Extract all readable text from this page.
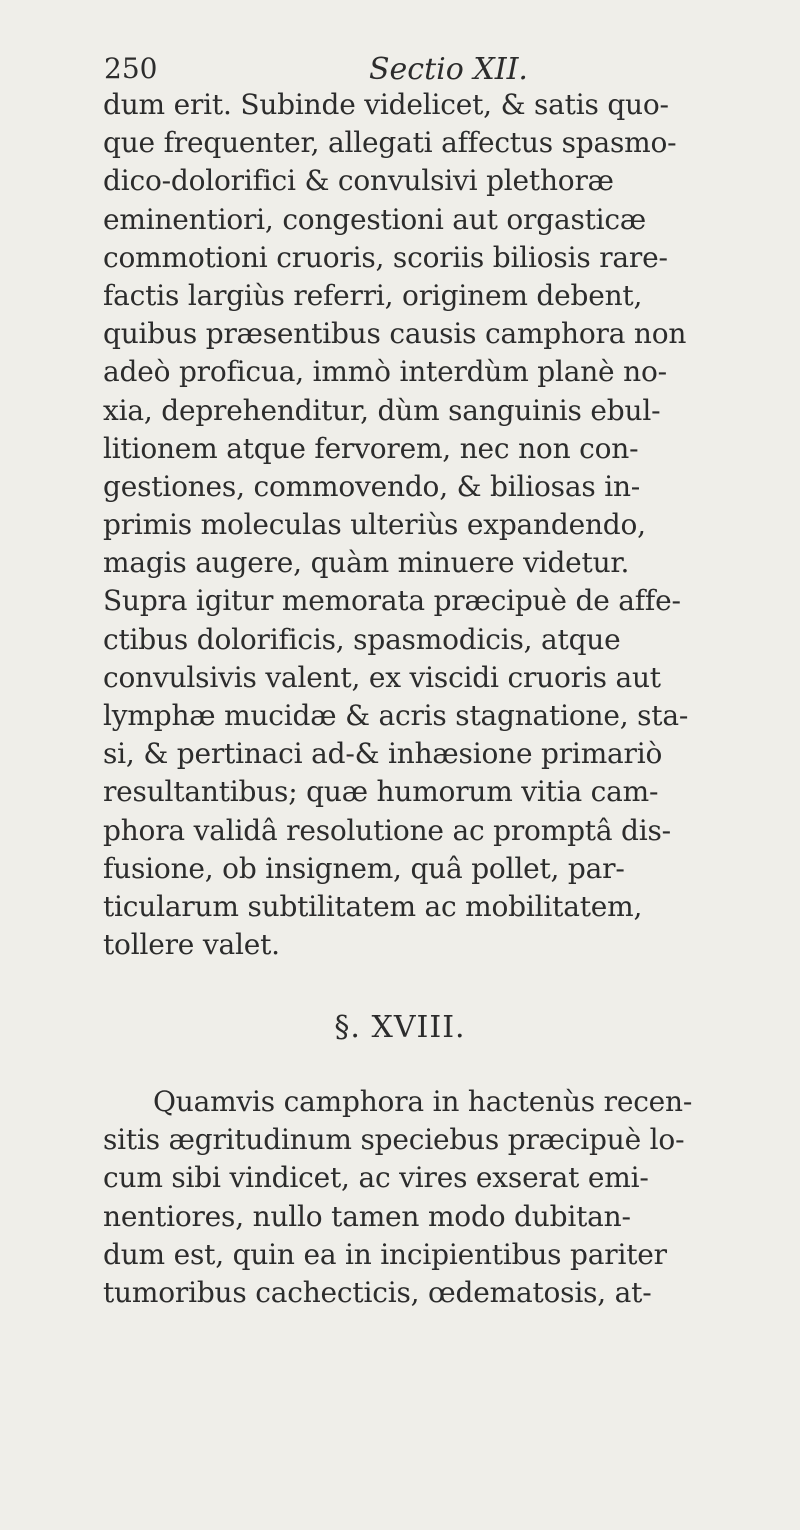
250	Sectio XII.
dum erit. Subinde videlicet, & satis quo-
que frequenter, allegati affectus spasmo-
dico-dolorifici & convulsivi plethoræ
eminentiori, congestioni aut orgasticæ
commotioni cruoris, scoriis biliosis rare-
factis largiùs referri, originem debent,
quibus præsentibus causis camphora non
adeò proficua, immò interdùm planè no-
xia, deprehenditur, dùm sanguinis ebul-
litionem atque fervorem, nec non con-
gestiones, commovendo, & biliosas in-
primis moleculas ulteriùs expandendo,
magis augere, quàm minuere videtur.
Supra igitur memorata præcipuè de affe-
ctibus dolorificis, spasmodicis, atque
convulsivis valent, ex viscidi cruoris aut
lymphæ mucidæ & acris stagnatione, sta-
si, & pertinaci ad-& inhæsione primariò
resultantibus; quæ humorum vitia cam-
phora validâ resolutione ac promptâ dis-
fusione, ob insignem, quâ pollet, par-
ticularum subtilitatem ac mobilitatem,
tollere valet.
§. XVIII.
Quamvis camphora in hactenùs recen-
sitis ægritudinum speciebus præcipuè lo-
cum sibi vindicet, ac vires exserat emi-
nentiores, nullo tamen modo dubitan-
dum est, quin ea in incipientibus pariter
tumoribus cachecticis, œdematosis, at-
